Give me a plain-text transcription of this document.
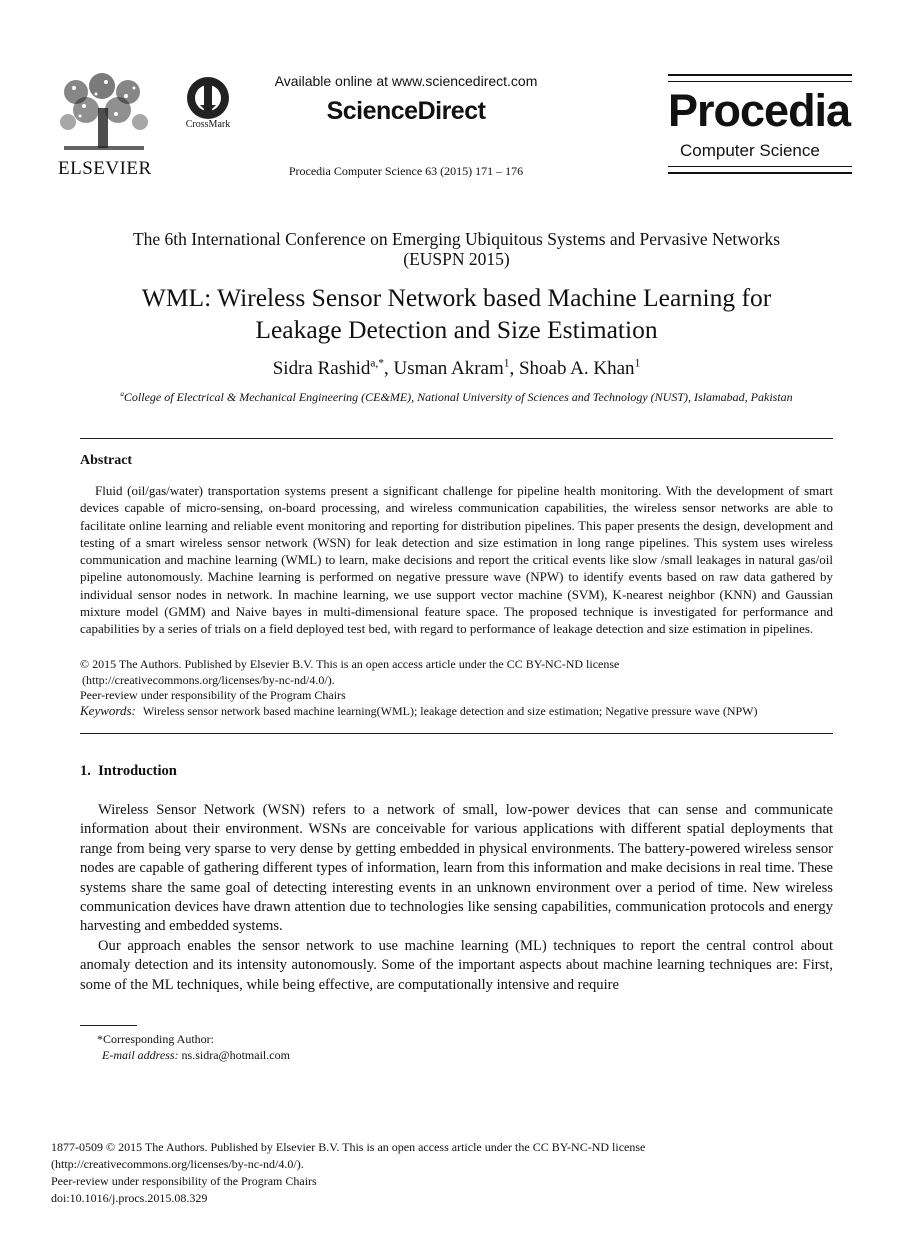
ELSEVIER
CrossMark
Available online at www.sciencedirect.com
ScienceDirect
Procedia Computer Science 63 (2015) 171 – 176
Procedia
Computer Science
The 6th International Conference on Emerging Ubiquitous Systems and Pervasive Networks
(EUSPN 2015)
WML: Wireless Sensor Network based Machine Learning for
Leakage Detection and Size Estimation
Sidra Rashid$^{a,*}$, Usman Akram$^1$, Shoab A. Khan$^1$
$^a$College of Electrical & Mechanical Engineering (CE&ME), National University of Sciences and Technology (NUST), Islamabad, Pakistan
Abstract

Fluid (oil/gas/water) transportation systems present a significant challenge for pipeline health monitoring. With the development of smart devices capable of micro-sensing, on-board processing, and wireless communication capabilities, the wireless sensor networks are able to facilitate online learning and reliable event monitoring and reporting for distribution pipelines. This paper presents the design, development and testing of a smart wireless sensor network (WSN) for leak detection and size estimation in long range pipelines. This system uses wireless communication and machine learning (WML) to learn, make decisions and report the critical events like slow /small leakages in natural gas/oil pipeline autonomously. Machine learning is performed on negative pressure wave (NPW) to identify events based on raw data gathered by individual sensor nodes in network. In machine learning, we use support vector machine (SVM), K-nearest neighbor (KNN) and Gaussian mixture model (GMM) and Naive bayes in multi-dimensional feature space. The proposed technique is investigated for performance and capabilities by a series of trials on a field deployed test bed, with regard to performance of leakage detection and size estimation in pipelines.

© 2015 The Authors. Published by Elsevier B.V. This is an open access article under the CC BY-NC-ND license
(http://creativecommons.org/licenses/by-nc-nd/4.0/).
Peer-review under responsibility of the Program Chairs
Keywords: Wireless sensor network based machine learning(WML); leakage detection and size estimation; Negative pressure wave (NPW)
1.  Introduction

Wireless Sensor Network (WSN) refers to a network of small, low-power devices that can sense and communicate information about their environment. WSNs are conceivable for various applications with different spatial deployments that range from being very sparse to very dense by getting embedded in physical environments. The battery-powered wireless sensor nodes are capable of gathering different types of information, learn from this information and make decisions in real time. These systems share the same goal of detecting interesting events in an unknown environment over a period of time. New wireless communication devices have drawn attention due to technologies like sensing capabilities, communication protocols and energy harvesting and embedded systems.

Our approach enables the sensor network to use machine learning (ML) techniques to report the central control about anomaly detection and its intensity autonomously. Some of the important aspects about machine learning techniques are: First, some of the ML techniques, while being effective, are computationally intensive and require

*Corresponding Author:
E-mail address: ns.sidra@hotmail.com
1877-0509 © 2015 The Authors. Published by Elsevier B.V. This is an open access article under the CC BY-NC-ND license
(http://creativecommons.org/licenses/by-nc-nd/4.0/).
Peer-review under responsibility of the Program Chairs
doi:10.1016/j.procs.2015.08.329
